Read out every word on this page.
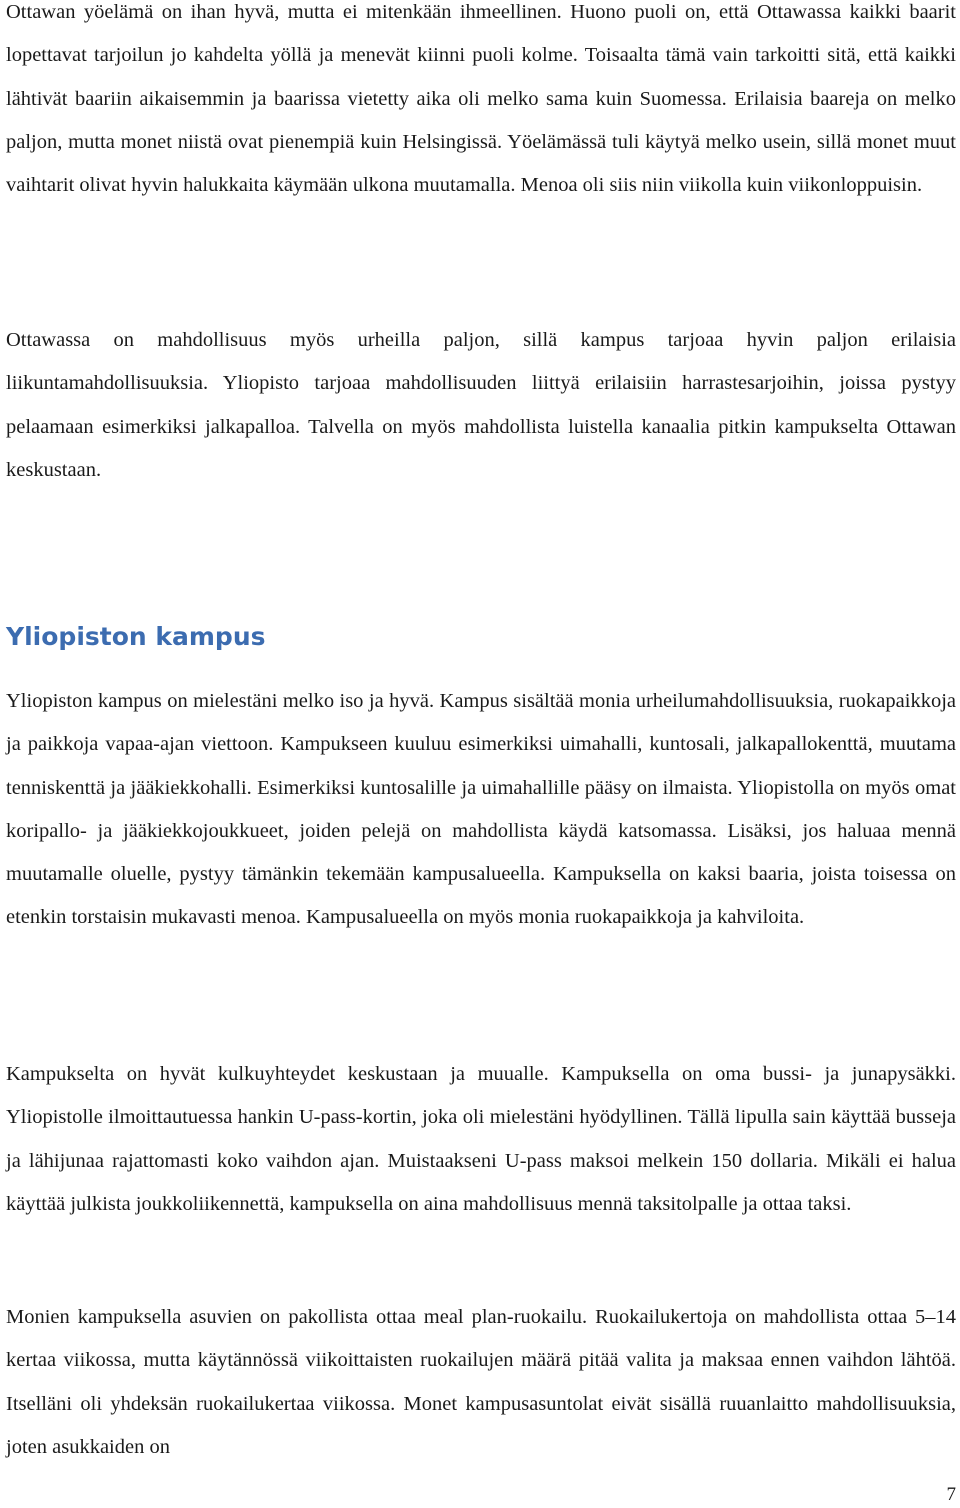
Ottawan yöelämä on ihan hyvä, mutta ei mitenkään ihmeellinen. Huono puoli on, että Ottawassa kaikki baarit lopettavat tarjoilun jo kahdelta yöllä ja menevät kiinni puoli kolme. Toisaalta tämä vain tarkoitti sitä, että kaikki lähtivät baariin aikaisemmin ja baarissa vietetty aika oli melko sama kuin Suomessa. Erilaisia baareja on melko paljon, mutta monet niistä ovat pienempiä kuin Helsingissä. Yöelämässä tuli käytyä melko usein, sillä monet muut vaihtarit olivat hyvin halukkaita käymään ulkona muutamalla. Menoa oli siis niin viikolla kuin viikonloppuisin.

Ottawassa on mahdollisuus myös urheilla paljon, sillä kampus tarjoaa hyvin paljon erilaisia liikuntamahdollisuuksia. Yliopisto tarjoaa mahdollisuuden liittyä erilaisiin harrastesarjoihin, joissa pystyy pelaamaan esimerkiksi jalkapalloa. Talvella on myös mahdollista luistella kanaalia pitkin kampukselta Ottawan keskustaan.

Yliopiston kampus

Yliopiston kampus on mielestäni melko iso ja hyvä. Kampus sisältää monia urheilumahdollisuuksia, ruokapaikkoja ja paikkoja vapaa-ajan viettoon. Kampukseen kuuluu esimerkiksi uimahalli, kuntosali, jalkapallokenttä, muutama tenniskenttä ja jääkiekkohalli. Esimerkiksi kuntosalille ja uimahallille pääsy on ilmaista. Yliopistolla on myös omat koripallo- ja jääkiekkojoukkueet, joiden pelejä on mahdollista käydä katsomassa. Lisäksi, jos haluaa mennä muutamalle oluelle, pystyy tämänkin tekemään kampusalueella. Kampuksella on kaksi baaria, joista toisessa on etenkin torstaisin mukavasti menoa. Kampusalueella on myös monia ruokapaikkoja ja kahviloita.

Kampukselta on hyvät kulkuyhteydet keskustaan ja muualle. Kampuksella on oma bussi- ja junapysäkki. Yliopistolle ilmoittautuessa hankin U-pass-kortin, joka oli mielestäni hyödyllinen. Tällä lipulla sain käyttää busseja ja lähijunaa rajattomasti koko vaihdon ajan. Muistaakseni U-pass maksoi melkein 150 dollaria. Mikäli ei halua käyttää julkista joukkoliikennettä, kampuksella on aina mahdollisuus mennä taksitolpalle ja ottaa taksi.

Monien kampuksella asuvien on pakollista ottaa meal plan-ruokailu. Ruokailukertoja on mahdollista ottaa 5–14 kertaa viikossa, mutta käytännössä viikoittaisten ruokailujen määrä pitää valita ja maksaa ennen vaihdon lähtöä. Itselläni oli yhdeksän ruokailukertaa viikossa. Monet kampusasuntolat eivät sisällä ruuanlaitto mahdollisuuksia, joten asukkaiden on

7
